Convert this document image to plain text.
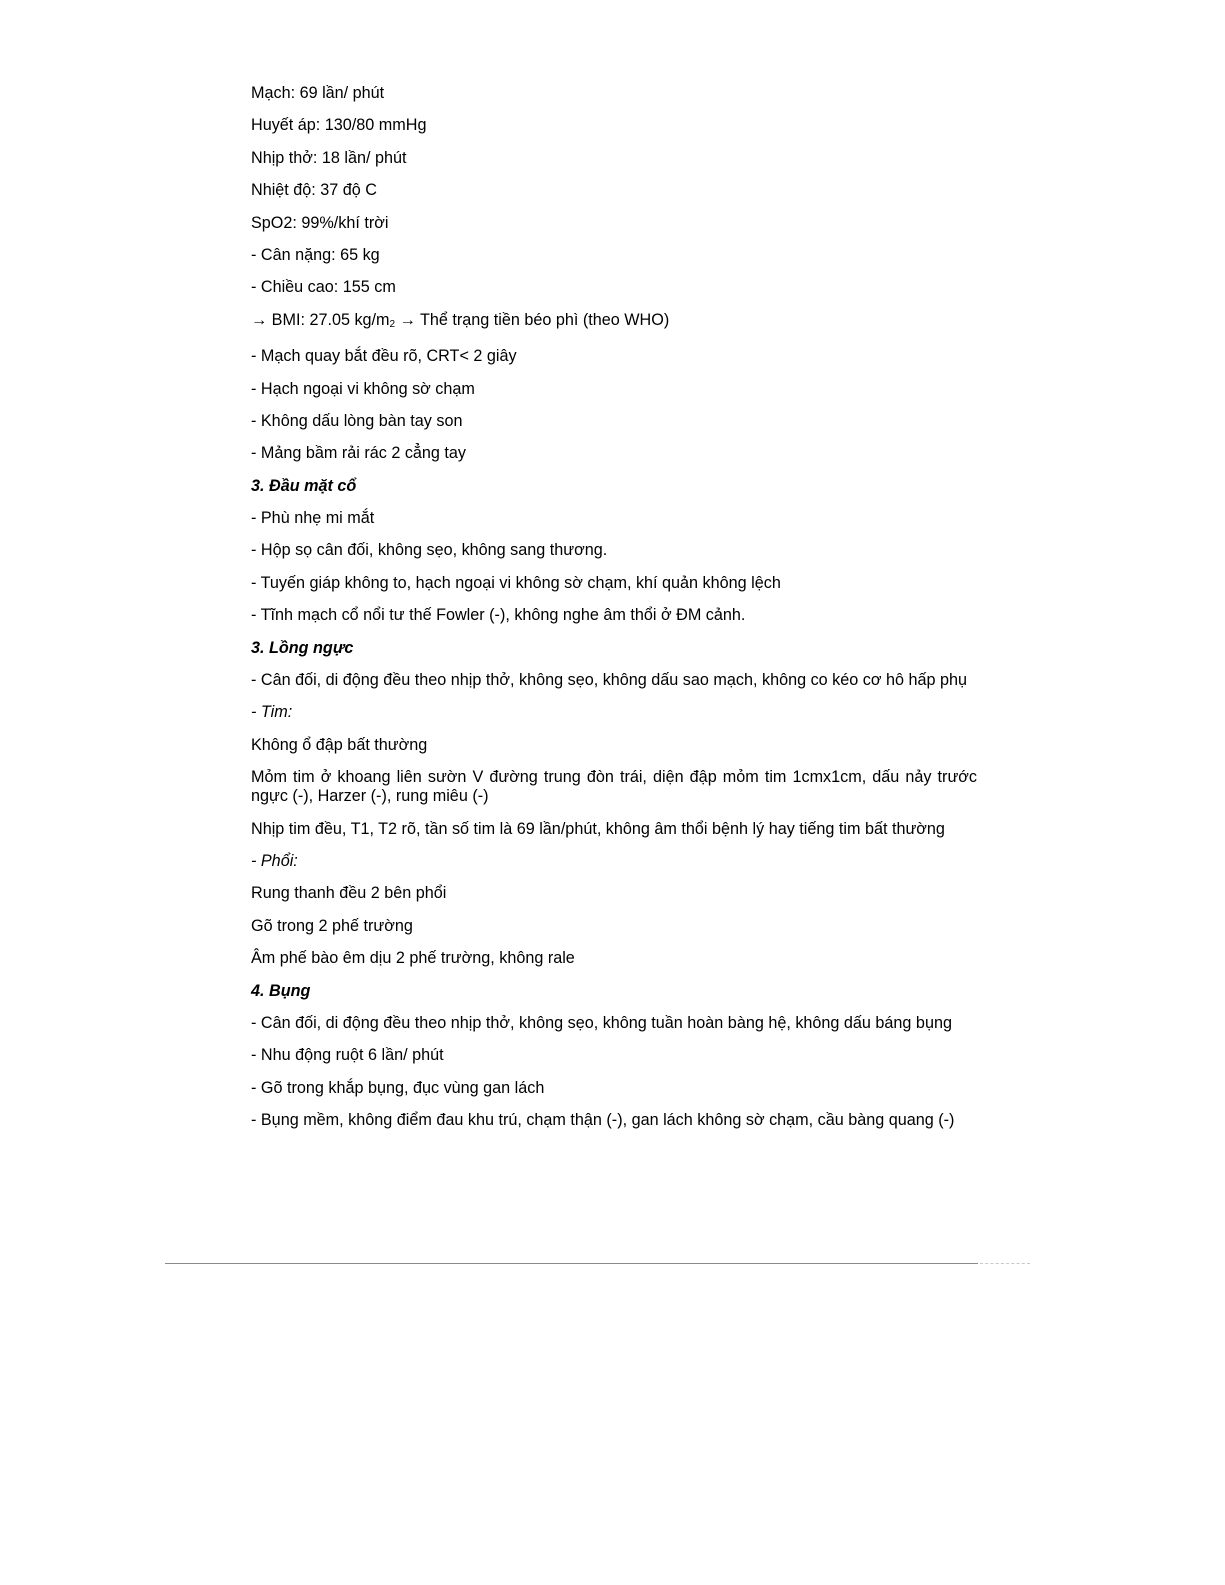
Mạch: 69 lần/ phút

Huyết áp: 130/80 mmHg

Nhịp thở: 18 lần/ phút

Nhiệt độ: 37 độ C

SpO2: 99%/khí trời

- Cân nặng: 65 kg

- Chiều cao: 155 cm

→ BMI: 27.05 $kg/m_2$ → Thể trạng tiền béo phì (theo WHO)

- Mạch quay bắt đều rõ, CRT< 2 giây

- Hạch ngoại vi không sờ chạm

- Không dấu lòng bàn tay son

- Mảng bầm rải rác 2 cẳng tay

3. Đầu mặt cổ

- Phù nhẹ mi mắt

- Hộp sọ cân đối, không sẹo, không sang thương.

- Tuyến giáp không to, hạch ngoại vi không sờ chạm, khí quản không lệch

- Tĩnh mạch cổ nổi tư thế Fowler (-), không nghe âm thổi ở ĐM cảnh.

3. Lồng ngực

- Cân đối, di động đều theo nhịp thở, không sẹo, không dấu sao mạch, không co kéo cơ hô hấp phụ

- Tim:

Không ổ đập bất thường

Mỏm tim ở khoang liên sườn V đường trung đòn trái, diện đập mỏm tim 1cmx1cm, dấu nảy trước ngực (-), Harzer (-), rung miêu (-)

Nhịp tim đều, T1, T2 rõ, tần số tim là 69 lần/phút, không âm thổi bệnh lý hay tiếng tim bất thường

- Phổi:

Rung thanh đều 2 bên phổi

Gõ trong 2 phế trường

Âm phế bào êm dịu 2 phế trường, không rale

4. Bụng

- Cân đối, di động đều theo nhịp thở, không sẹo, không tuần hoàn bàng hệ, không dấu báng bụng

- Nhu động ruột 6 lần/ phút

- Gõ trong khắp bụng, đục vùng gan lách

- Bụng mềm, không điểm đau khu trú, chạm thận (-), gan lách không sờ chạm, cầu bàng quang (-)
